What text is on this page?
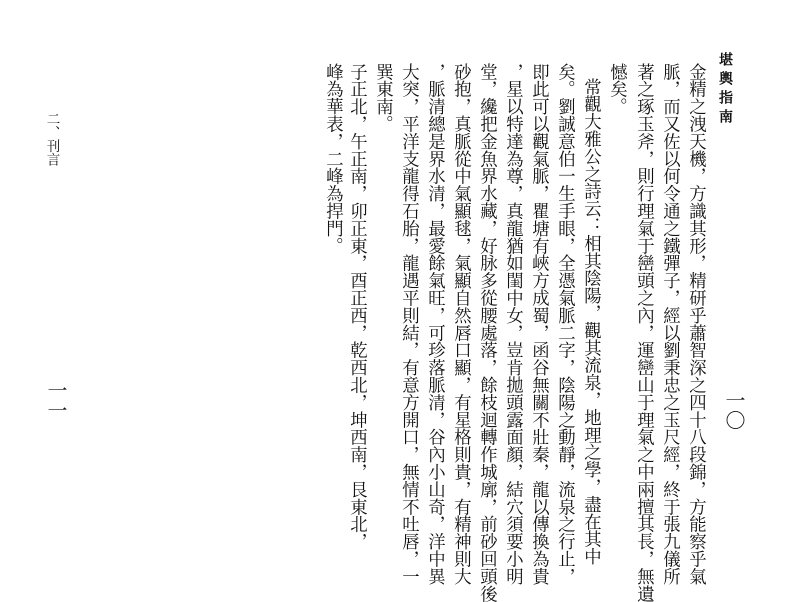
二、刊言
一一
堪輿指南
一〇
金精之洩天機，方識其形，精研乎蕭智深之四十八段錦，方能察乎氣
脈，而又佐以何令通之鐵彈子，經以劉秉忠之玉尺經，終于張九儀所
著之琢玉斧，則行理氣于巒頭之內，運巒山于理氣之中兩擅其長，無遺
憾矣。
常觀大雅公之詩云：相其陰陽，觀其流泉，地理之學，盡在其中
矣。劉誠意伯一生手眼，全憑氣脈二字，陰陽之動靜，流泉之行止，
即此可以觀氣脈，瞿塘有峽方成蜀，函谷無關不壯秦，龍以傳換為貴
，星以特達為尊，真龍猶如閨中女，豈肯拋頭露面顏，結穴須要小明
堂，纔把金魚界水藏，好脉多從腰處落，餘枝迴轉作城廓，前砂回頭後
砂抱，真脈從中氣顯毬，氣顯自然唇口顯，有星格則貴，有精神則大
，脈清總是界水清，最愛餘氣旺，可珍落脈清，谷內小山奇，洋中異
大突，平洋支龍得石胎，龍遇平則結，有意方開口，無情不吐唇，一
巽東南。
子正北，午正南，卯正東，酉正西，乾西北，坤西南，艮東北，
峰為華表，二峰為捍門。
